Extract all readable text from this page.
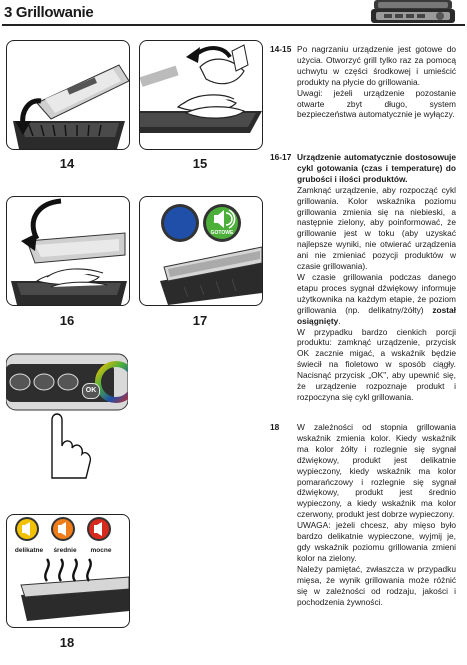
3 Grillowanie
14	15
16
GOTOWE
17
OK
delikatne	średnie	mocne
18
14-15 Po nagrzaniu urządzenie jest gotowe do użycia. Otworzyć grill tylko raz za pomocą uchwytu w części środkowej i umieścić produkty na płycie do grillowania.

Uwagi: jeżeli urządzenie pozostanie otwarte zbyt długo, system bezpieczeństwa automatycznie je wyłączy.

16-17 Urządzenie automatycznie dostosowuje cykl gotowania (czas i temperaturę) do grubości i ilości produktów.

Zamknąć urządzenie, aby rozpocząć cykl grillowania. Kolor wskaźnika poziomu grillowania zmienia się na niebieski, a następnie zielony, aby poinformować, że grillowanie jest w toku (aby uzyskać najlepsze wyniki, nie otwierać urządzenia ani nie zmieniać pozycji produktów w czasie grillowania).

W czasie grillowania podczas danego etapu proces sygnał dźwiękowy informuje użytkownika na każdym etapie, że poziom grillowania (np. delikatny/żółty) został osiągnięty.

W przypadku bardzo cienkich porcji produktu: zamknąć urządzenie, przycisk OK zacznie migać, a wskaźnik będzie świecił na fioletowo w sposób ciągły. Nacisnąć przycisk „OK", aby upewnić się, że urządzenie rozpoznaje produkt i rozpoczyna się cykl grillowania.

18	W zależności od stopnia grillowania wskaźnik zmienia kolor. Kiedy wskaźnik ma kolor żółty i rozlegnie się sygnał dźwiękowy, produkt jest delikatnie wypieczony, kiedy wskaźnik ma kolor pomarańczowy i rozlegnie się sygnał dźwiękowy, produkt jest średnio wypieczony, a kiedy wskaźnik ma kolor czerwony, produkt jest dobrze wypieczony.

UWAGA: jeżeli chcesz, aby mięso było bardzo delikatnie wypieczone, wyjmij je, gdy wskaźnik poziomu grillowania zmieni kolor na zielony.

Należy pamiętać, zwłaszcza w przypadku mięsa, że wynik grillowania może różnić się w zależności od rodzaju, jakości i pochodzenia żywności.
